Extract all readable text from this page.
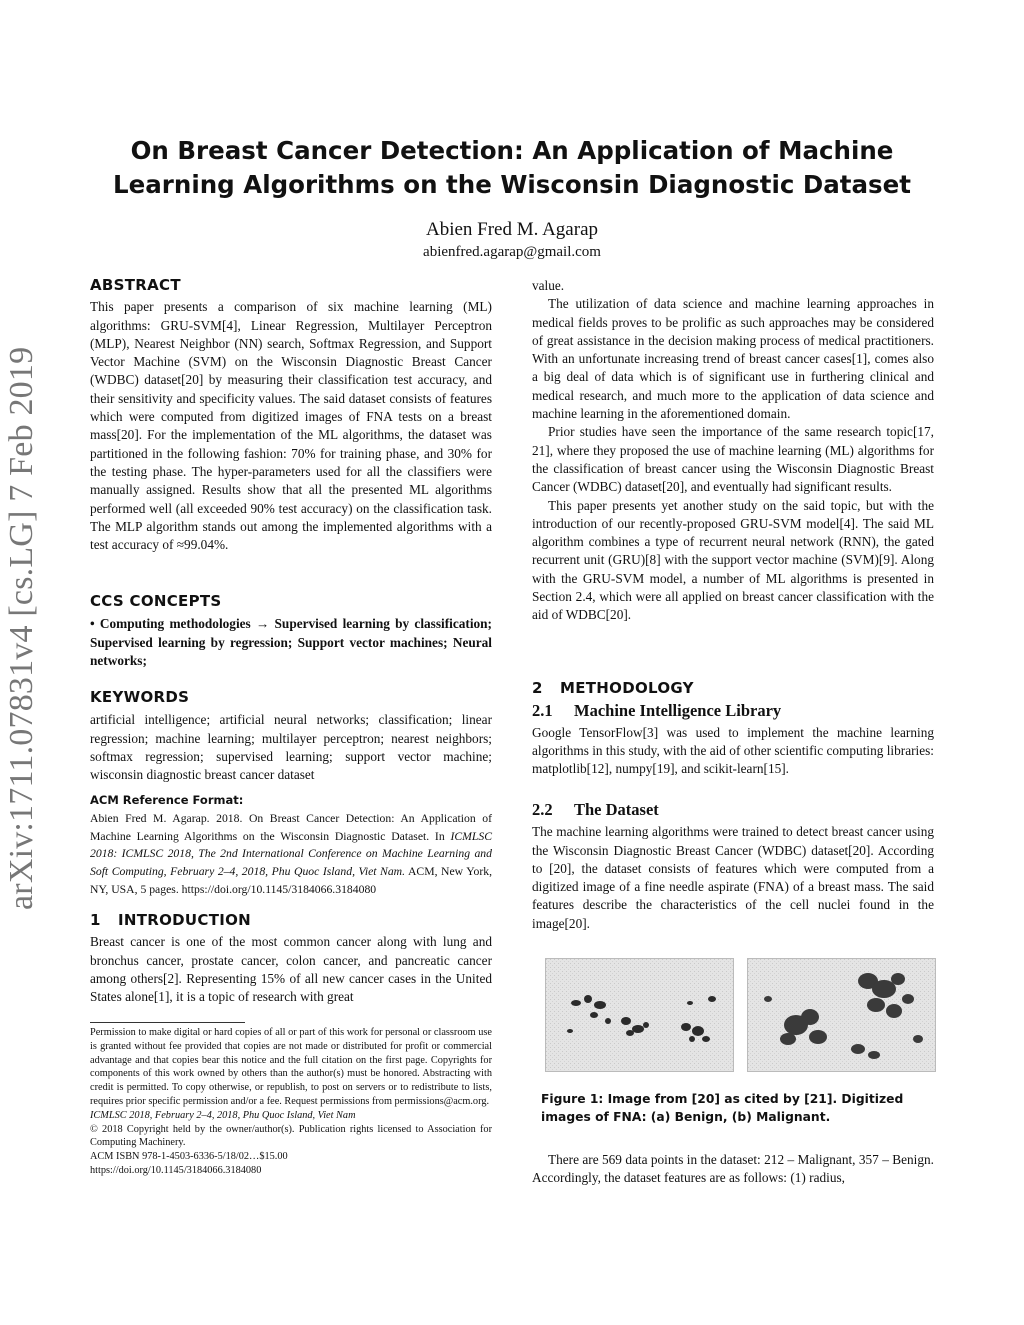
On Breast Cancer Detection: An Application of Machine
Learning Algorithms on the Wisconsin Diagnostic Dataset
Abien Fred M. Agarap
abienfred.agarap@gmail.com
arXiv:1711.07831v4 [cs.LG] 7 Feb 2019
ABSTRACT

This paper presents a comparison of six machine learning (ML) algorithms: GRU-SVM[4], Linear Regression, Multilayer Perceptron (MLP), Nearest Neighbor (NN) search, Softmax Regression, and Support Vector Machine (SVM) on the Wisconsin Diagnostic Breast Cancer (WDBC) dataset[20] by measuring their classification test accuracy, and their sensitivity and specificity values. The said dataset consists of features which were computed from digitized images of FNA tests on a breast mass[20]. For the implementation of the ML algorithms, the dataset was partitioned in the following fashion: 70% for training phase, and 30% for the testing phase. The hyper-parameters used for all the classifiers were manually assigned. Results show that all the presented ML algorithms performed well (all exceeded 90% test accuracy) on the classification task. The MLP algorithm stands out among the implemented algorithms with a test accuracy of ≈99.04%.

CCS CONCEPTS

• Computing methodologies → Supervised learning by classification; Supervised learning by regression; Support vector machines; Neural networks;

KEYWORDS

artificial intelligence; artificial neural networks; classification; linear regression; machine learning; multilayer perceptron; nearest neighbors; softmax regression; supervised learning; support vector machine; wisconsin diagnostic breast cancer dataset

ACM Reference Format:
Abien Fred M. Agarap. 2018. On Breast Cancer Detection: An Application of Machine Learning Algorithms on the Wisconsin Diagnostic Dataset. In ICMLSC 2018: ICMLSC 2018, The 2nd International Conference on Machine Learning and Soft Computing, February 2–4, 2018, Phu Quoc Island, Viet Nam. ACM, New York, NY, USA, 5 pages. https://doi.org/10.1145/3184066.3184080
1 INTRODUCTION

Breast cancer is one of the most common cancer along with lung and bronchus cancer, prostate cancer, colon cancer, and pancreatic cancer among others[2]. Representing 15% of all new cancer cases in the United States alone[1], it is a topic of research with great

Permission to make digital or hard copies of all or part of this work for personal or classroom use is granted without fee provided that copies are not made or distributed for profit or commercial advantage and that copies bear this notice and the full citation on the first page. Copyrights for components of this work owned by others than the author(s) must be honored. Abstracting with credit is permitted. To copy otherwise, or republish, to post on servers or to redistribute to lists, requires prior specific permission and/or a fee. Request permissions from permissions@acm.org.

ICMLSC 2018, February 2–4, 2018, Phu Quoc Island, Viet Nam

© 2018 Copyright held by the owner/author(s). Publication rights licensed to Association for Computing Machinery.

ACM ISBN 978-1-4503-6336-5/18/02…$15.00

https://doi.org/10.1145/3184066.3184080

value.

The utilization of data science and machine learning approaches in medical fields proves to be prolific as such approaches may be considered of great assistance in the decision making process of medical practitioners. With an unfortunate increasing trend of breast cancer cases[1], comes also a big deal of data which is of significant use in furthering clinical and medical research, and much more to the application of data science and machine learning in the aforementioned domain.

Prior studies have seen the importance of the same research topic[17, 21], where they proposed the use of machine learning (ML) algorithms for the classification of breast cancer using the Wisconsin Diagnostic Breast Cancer (WDBC) dataset[20], and eventually had significant results.

This paper presents yet another study on the said topic, but with the introduction of our recently-proposed GRU-SVM model[4]. The said ML algorithm combines a type of recurrent neural network (RNN), the gated recurrent unit (GRU)[8] with the support vector machine (SVM)[9]. Along with the GRU-SVM model, a number of ML algorithms is presented in Section 2.4, which were all applied on breast cancer classification with the aid of WDBC[20].

2 METHODOLOGY
2.1 Machine Intelligence Library

Google TensorFlow[3] was used to implement the machine learning algorithms in this study, with the aid of other scientific computing libraries: matplotlib[12], numpy[19], and scikit-learn[15].

2.2 The Dataset

The machine learning algorithms were trained to detect breast cancer using the Wisconsin Diagnostic Breast Cancer (WDBC) dataset[20]. According to [20], the dataset consists of features which were computed from a digitized image of a fine needle aspirate (FNA) of a breast mass. The said features describe the characteristics of the cell nuclei found in the image[20].

Figure 1: Image from [20] as cited by [21]. Digitized images of FNA: (a) Benign, (b) Malignant.

There are 569 data points in the dataset: 212 – Malignant, 357 – Benign. Accordingly, the dataset features are as follows: (1) radius,
